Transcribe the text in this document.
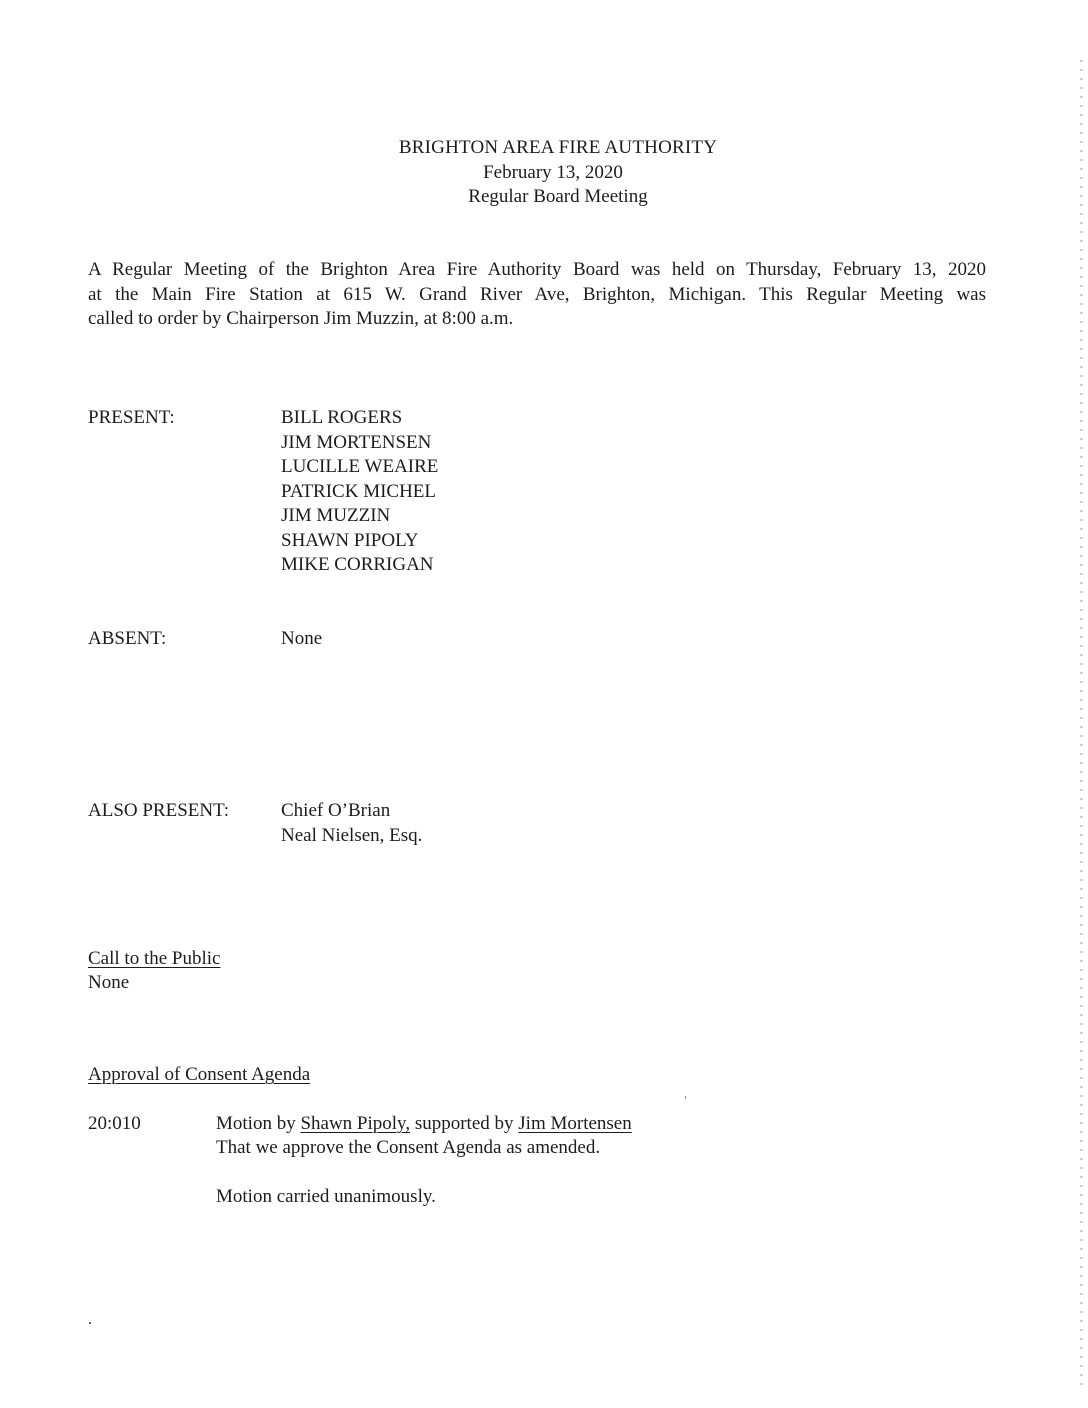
BRIGHTON AREA FIRE AUTHORITY
February 13, 2020
Regular Board Meeting
A Regular Meeting of the Brighton Area Fire Authority Board was held on Thursday, February 13, 2020
at the Main Fire Station at 615 W. Grand River Ave, Brighton, Michigan. This Regular Meeting was
called to order by Chairperson Jim Muzzin, at 8:00 a.m.
PRESENT:	BILL ROGERS
JIM MORTENSEN
LUCILLE WEAIRE
PATRICK MICHEL
JIM MUZZIN
SHAWN PIPOLY
MIKE CORRIGAN
ABSENT:	None
ALSO PRESENT:	Chief O’Brian
Neal Nielsen, Esq.
Call to the Public
None
Approval of Consent Agenda
20:010	Motion by Shawn Pipoly, supported by Jim Mortensen
That we approve the Consent Agenda as amended.
Motion carried unanimously.
